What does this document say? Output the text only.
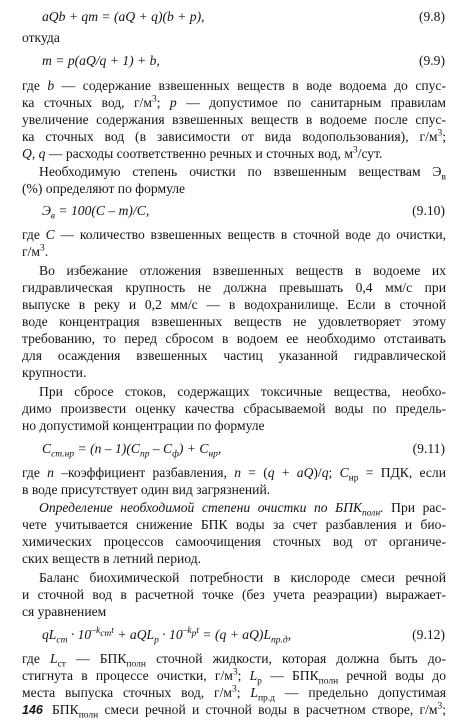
aQb + qm = (aQ + q)(b + p),	(9.8)
откуда
m = p(aQ/q + 1) + b,	(9.9)
где b — содержание взвешенных веществ в воде водоема до спус-
ка сточных вод, $г/м^3$; p — допустимое по санитарным правилам
увеличение содержания взвешенных веществ в водоеме после спус-
ка сточных вод (в зависимости от вида водопользования), $г/м^3$;
Q, q — расходы соответственно речных и сточных вод, $м^3$/сут.
Необходимую степень очистки по взвешенным веществам $Э_в$
(%) определяют по формуле
$Э_в = 100(C - m)/C$,	(9.10)
где C — количество взвешенных веществ в сточной воде до очистки,
$г/м^3$.
Во избежание отложения взвешенных веществ в водоеме их
гидравлическая крупность не должна превышать 0,4 мм/с при
выпуске в реку и 0,2 мм/с — в водохранилище. Если в сточной
воде концентрация взвешенных веществ не удовлетворяет этому
требованию, то перед сбросом в водоем ее необходимо отстаивать
для осаждения взвешенных частиц указанной гидравлической
крупности.
При сбросе стоков, содержащих токсичные вещества, необхо-
димо произвести оценку качества сбрасываемой воды по предель-
но допустимой концентрации по формуле
$C_{ст.нр} = (n - 1)(C_{пр} - C_ф) + C_{нр}$,	(9.11)
где n –коэффициент разбавления, n = (q + aQ)/q; $C_{нр}$ = ПДК, если
в воде присутствует один вид загрязнений.
Определение необходимой степени очистки по $БПК_{полн}$. При рас-
чете учитывается снижение БПК воды за счет разбавления и био-
химических процессов самоочищения сточных вод от органиче-
ских веществ в летний период.
Баланс биохимической потребности в кислороде смеси речной
и сточной вод в расчетной точке (без учета реаэрации) выражает-
ся уравнением
$qL_{ст} \cdot 10^{-k_{ст}t} + aQL_р \cdot 10^{-k_рt} = (q + aQ)L_{пр.д}$,	(9.12)
где $L_{ст}$ — $БПК_{полн}$ сточной жидкости, которая должна быть до-
стигнута в процессе очистки, $г/м^3$; $L_р$ — $БПК_{полн}$ речной воды до
места выпуска сточных вод, $г/м^3$; $L_{пр.д}$ — предельно допустимая
$БПК_{полн}$ смеси речной и сточной воды в расчетном створе, $г/м^3$;
146
